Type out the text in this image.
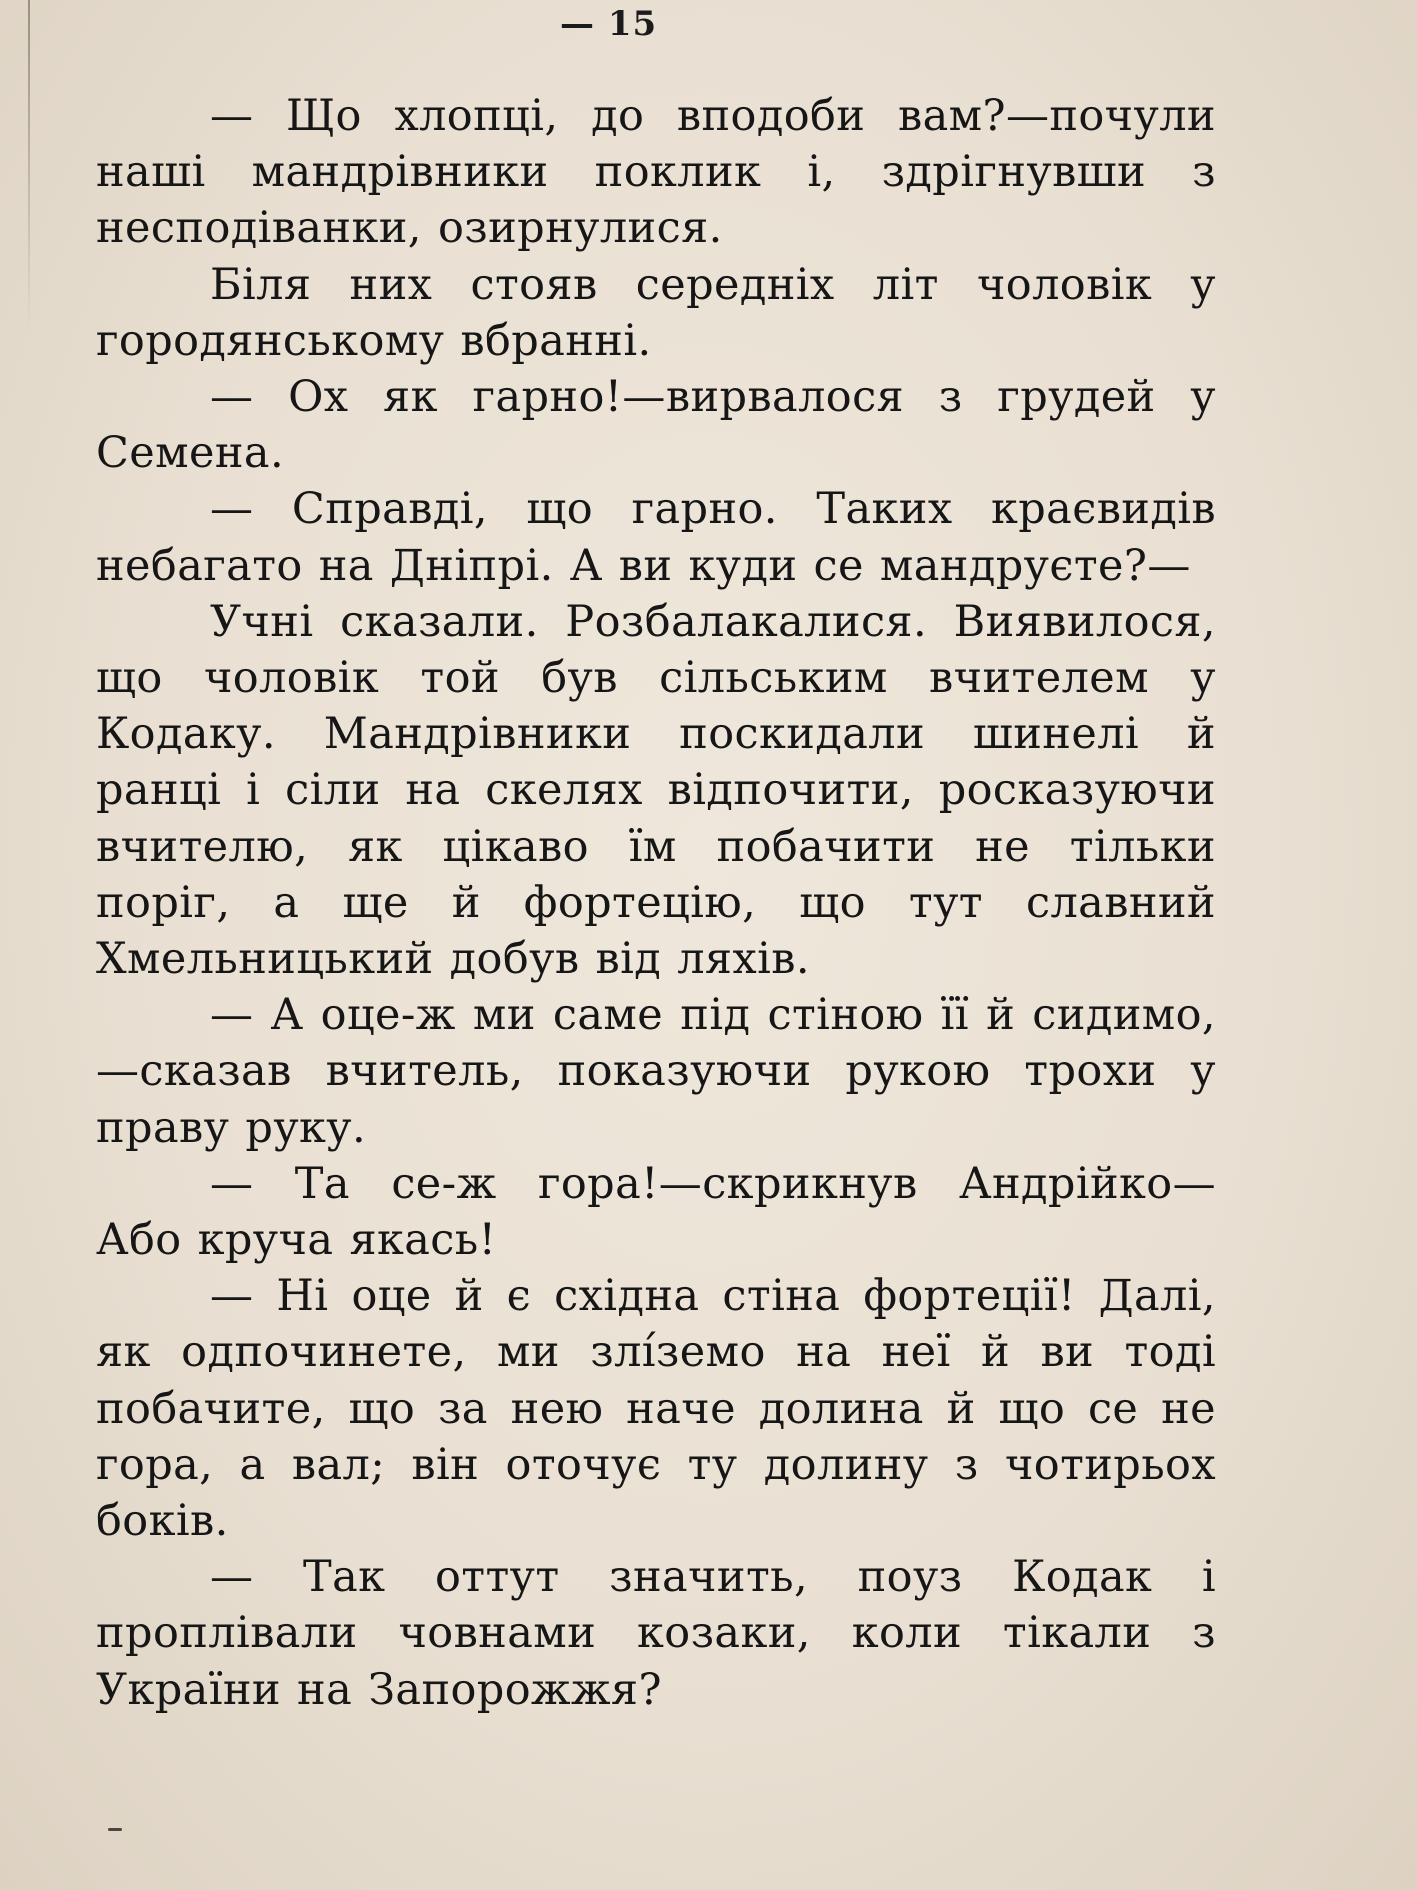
— 15

— Що хлопці, до вподоби вам?—почули наші мандрівники поклик і, здрігнувши з несподіванки, озирнулися.

Біля них стояв середніх літ чоловік у городянському вбранні.

— Ох як гарно!—вирвалося з грудей у Семена.

— Справді, що гарно. Таких краєвидів небагато на Дніпрі. А ви куди се мандруєте?—

Учні сказали. Розбалакалися. Виявилося, що чоловік той був сільським вчителем у Кодаку. Мандрівники поскидали шинелі й ранці і сіли на скелях відпочити, росказуючи вчителю, як цікаво їм побачити не тільки поріг, а ще й фортецію, що тут славний Хмельницький добув від ляхів.

— А оце-ж ми саме під стіною її й сидимо,—сказав вчитель, показуючи рукою трохи у праву руку.

— Та се-ж гора!—скрикнув Андрійко— Або круча якась!

— Ні оце й є східна стіна фортеції! Далі, як одпочинете, ми злíземо на неї й ви тоді побачите, що за нею наче долина й що се не гора, а вал; він оточує ту долину з чотирьох боків.

— Так оттут значить, поуз Кодак і проплівали човнами козаки, коли тікали з України на Запорожжя?
